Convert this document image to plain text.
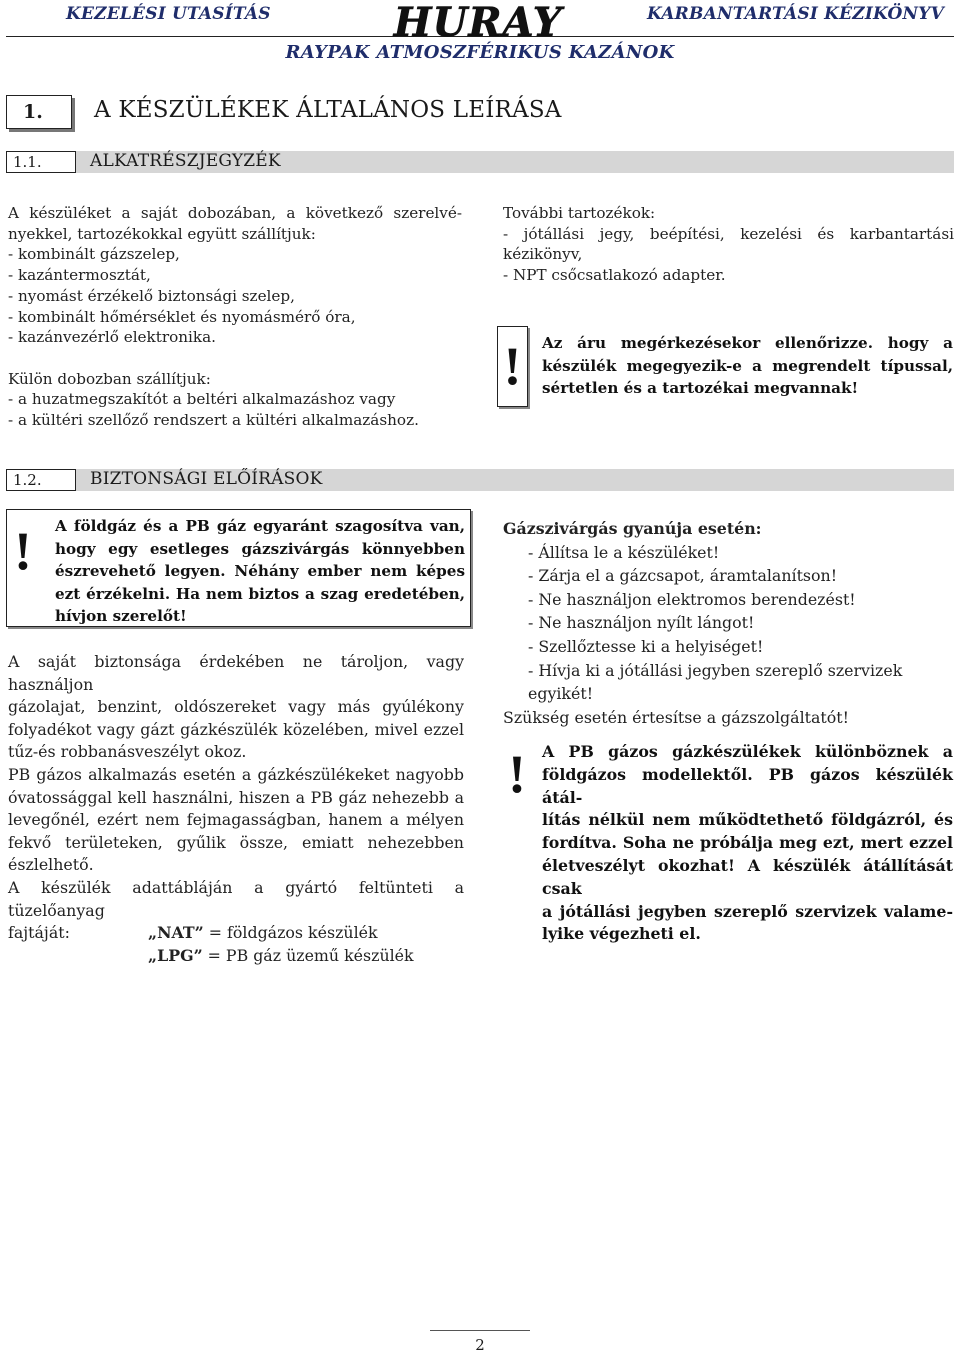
KEZELÉSI UTASÍTÁS	KARBANTARTÁSI KÉZIKÖNYV
HURAY
RAYPAK ATMOSZFÉRIKUS KAZÁNOK
1.	A KÉSZÜLÉKEK ÁLTALÁNOS LEÍRÁSA
1.1.	ALKATRÉSZJEGYZÉK
A készüléket a saját dobozában, a következő szerelvé-
nyekkel, tartozékokkal együtt szállítjuk:
- kombinált gázszelep,
- kazántermosztát,
- nyomást érzékelő biztonsági szelep,
- kombinált hőmérséklet és nyomásmérő óra,
- kazánvezérlő elektronika.
Külön dobozban szállítjuk:
- a huzatmegszakítót a beltéri alkalmazáshoz vagy
- a kültéri szellőző rendszert a kültéri alkalmazáshoz.
További tartozékok:
- jótállási jegy, beépítési, kezelési és karbantartási
kézikönyv,
- NPT csőcsatlakozó adapter.
!	Az áru megérkezésekor ellenőrizze. hogy a
készülék megegyezik-e a megrendelt típussal,
sértetlen és a tartozékai megvannak!
1.2.	BIZTONSÁGI ELŐÍRÁSOK
! A földgáz és a PB gáz egyaránt szagosítva van,
hogy egy esetleges gázszivárgás könnyebben
észrevehető legyen. Néhány ember nem képes
ezt érzékelni. Ha nem biztos a szag eredetében,
hívjon szerelőt!
A saját biztonsága érdekében ne tároljon, vagy használjon
gázolajat, benzint, oldószereket vagy más gyúlékony
folyadékot vagy gázt gázkészülék közelében, mivel ezzel
tűz-és robbanásveszélyt okoz.
PB gázos alkalmazás esetén a gázkészülékeket nagyobb
óvatossággal kell használni, hiszen a PB gáz nehezebb a
levegőnél, ezért nem fejmagasságban, hanem a mélyen
fekvő területeken, gyűlik össze, emiatt nehezebben
észlelhető.
A készülék adattábláján a gyártó feltünteti a tüzelőanyag
fajtáját:	„NAT” = földgázos készülék
„LPG” = PB gáz üzemű készülék
Gázszivárgás gyanúja esetén:
- Állítsa le a készüléket!
- Zárja el a gázcsapot, áramtalanítson!
- Ne használjon elektromos berendezést!
- Ne használjon nyílt lángot!
- Szellőztesse ki a helyiséget!
- Hívja ki a jótállási jegyben szereplő szervizek egyikét!
Szükség esetén értesítse a gázszolgáltatót!
! A PB gázos gázkészülékek különböznek a
földgázos modellektől. PB gázos készülék átál-
lítás nélkül nem működtethető földgázról, és
fordítva. Soha ne próbálja meg ezt, mert ezzel
életveszélyt okozhat! A készülék átállítását csak
a jótállási jegyben szereplő szervizek valame-
lyike végezheti el.
2
